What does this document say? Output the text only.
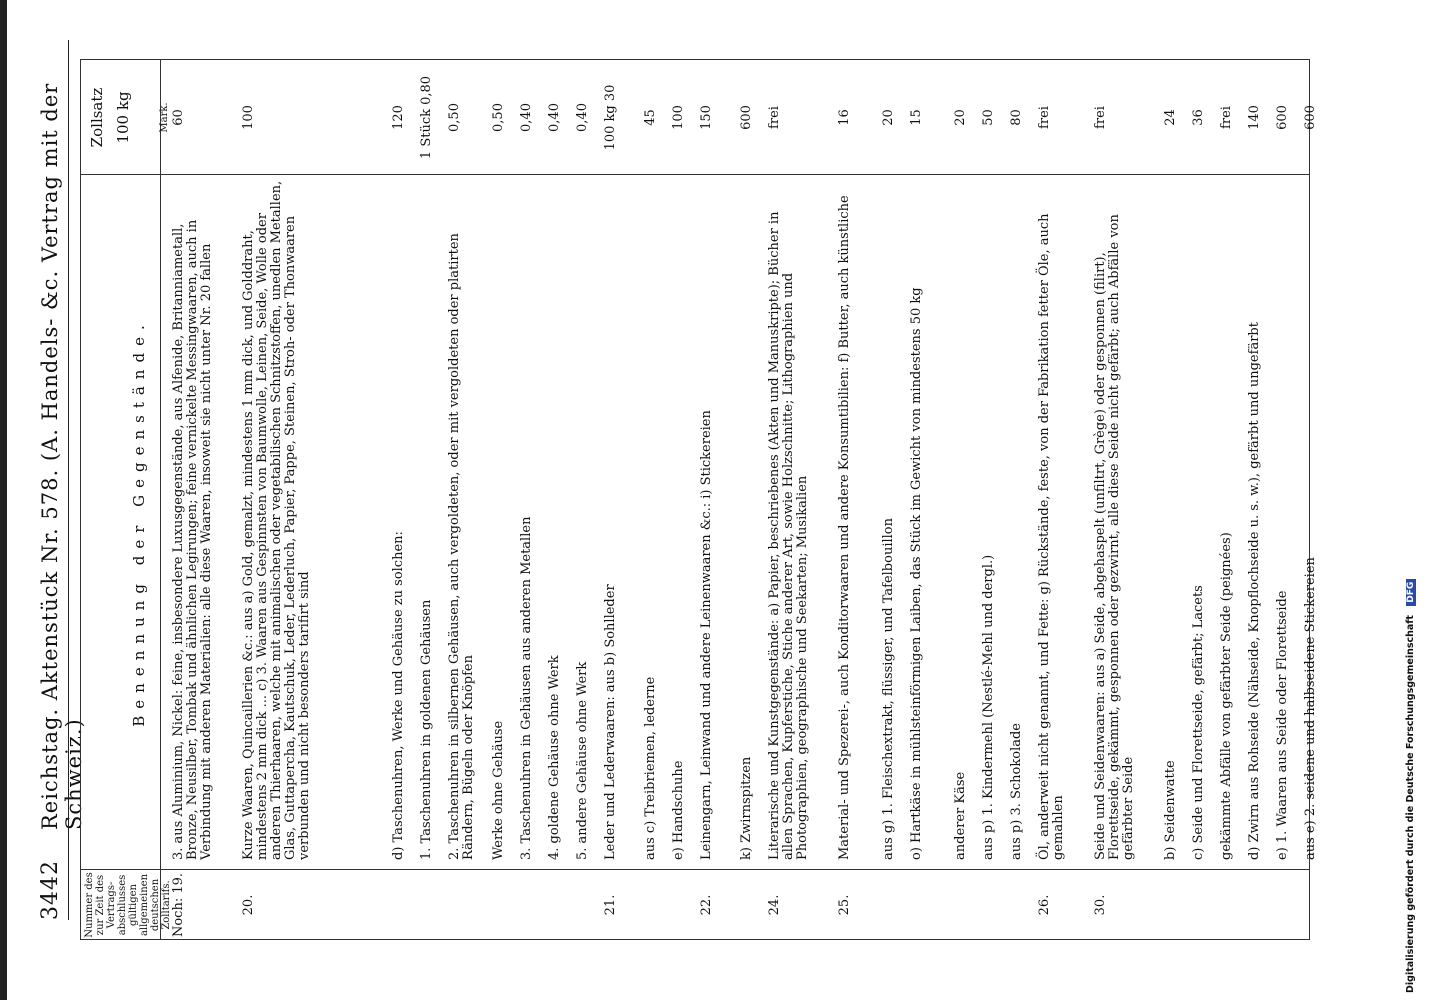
3442
Reichstag. Aktenstück Nr. 578. (A. Handels- &c. Vertrag mit der Schweiz.)
Nummer des zur Zeit des Vertrags-abschlusses gültigen allgemeinen deutschen Zolltarifs.
Benennung der Gegenstände.
Zollsatz 100 kg	Mark.
Noch: 19.
3. aus Aluminium, Nickel: feine, insbesondere Luxusgegenstände, aus Alfenide, Britanniametall, Bronze, Neusilber, Tombak und ähnlichen Legirungen; feine vernickelte Messingwaaren, auch in Verbindung mit anderen Materialien: alle diese Waaren, insoweit sie nicht unter Nr. 20 fallen
60
20.
Kurze Waaren, Quincaillerien &c.: aus a) Gold, gemalzt, mindestens 1 mm dick, und Golddraht, mindestens 2 mm dick ... c) 3. Waaren aus Gespinnsten von Baumwolle, Leinen, Seide, Wolle oder anderen Thierhaaren, welche mit animalischen oder vegetabilischen Schnitzstoffen, unedlen Metallen, Glas, Guttapercha, Kautschuk, Leder, Lederluch, Papier, Pappe, Steinen, Stroh- oder Thonwaaren verbunden und nicht besonders tarifirt sind
100
d) Taschenuhren, Werke und Gehäuse zu solchen:
120
1. Taschenuhren in goldenen Gehäusen
1 Stück 0,80
2. Taschenuhren in silbernen Gehäusen, auch vergoldeten, oder mit vergoldeten oder platirten Rändern, Bügeln oder Knöpfen
0,50
Werke ohne Gehäuse
0,50
3. Taschenuhren in Gehäusen aus anderen Metallen
0,40
4. goldene Gehäuse ohne Werk
0,40
5. andere Gehäuse ohne Werk
0,40
21.
Leder und Lederwaaren: aus b) Sohlleder
100 kg 30
aus c) Treibriemen, lederne
45
e) Handschuhe
100
22.
Leinengarn, Leinwand und andere Leinenwaaren &c.: i) Stickereien
150
k) Zwirnspitzen
600
24.
Literarische und Kunstgegenstände: a) Papier, beschriebenes (Akten und Manuskripte); Bücher in allen Sprachen, Kupferstiche, Stiche anderer Art, sowie Holzschnitte; Lithographien und Photographien, geographische und Seekarten; Musikalien
frei
25.
Material- und Spezerei-, auch Konditorwaaren und andere Konsumtibilien: f) Butter, auch künstliche
16
aus g) 1. Fleischextrakt, flüssiger, und Tafelbouillon
20
o) Hartkäse in mühlsteinförmigen Laiben, das Stück im Gewicht von mindestens 50 kg
15
anderer Käse
20
aus p) 1. Kindermehl (Nestlé-Mehl und dergl.)
50
aus p) 3. Schokolade
80
26.
Öl, anderweit nicht genannt, und Fette: g) Rückstände, feste, von der Fabrikation fetter Öle, auch gemahlen
frei
30.
Seide und Seidenwaaren: aus a) Seide, abgehaspelt (unfiltrt, Grège) oder gesponnen (filirt), Florettseide, gekämmt, gesponnen oder gezwirnt, alle diese Seide nicht gefärbt; auch Abfälle von gefärbter Seide
frei
b) Seidenwatte
24
c) Seide und Florettseide, gefärbt; Lacets
36
gekämmte Abfälle von gefärbter Seide (peignées)
frei
d) Zwirn aus Rohseide (Nähseide, Knopflochseide u. s. w.), gefärbt und ungefärbt
140
e) 1. Waaren aus Seide oder Florettseide
600
aus e) 2. seidene und halbseidene Stickereien
600
Digitalisierung gefördert durch die Deutsche Forschungsgemeinschaft DFG
